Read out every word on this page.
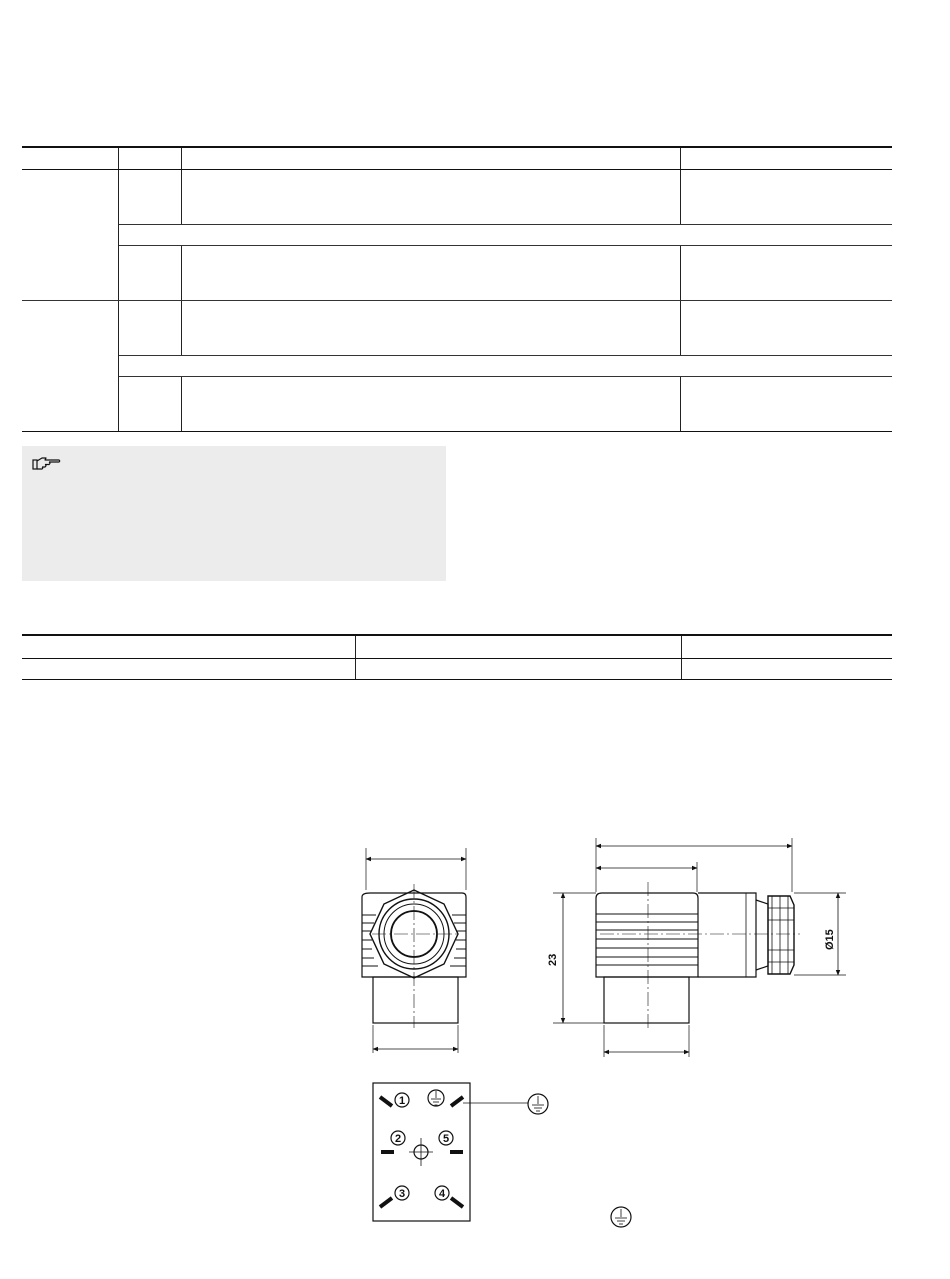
23
Ø15
1
2
3	4
5
